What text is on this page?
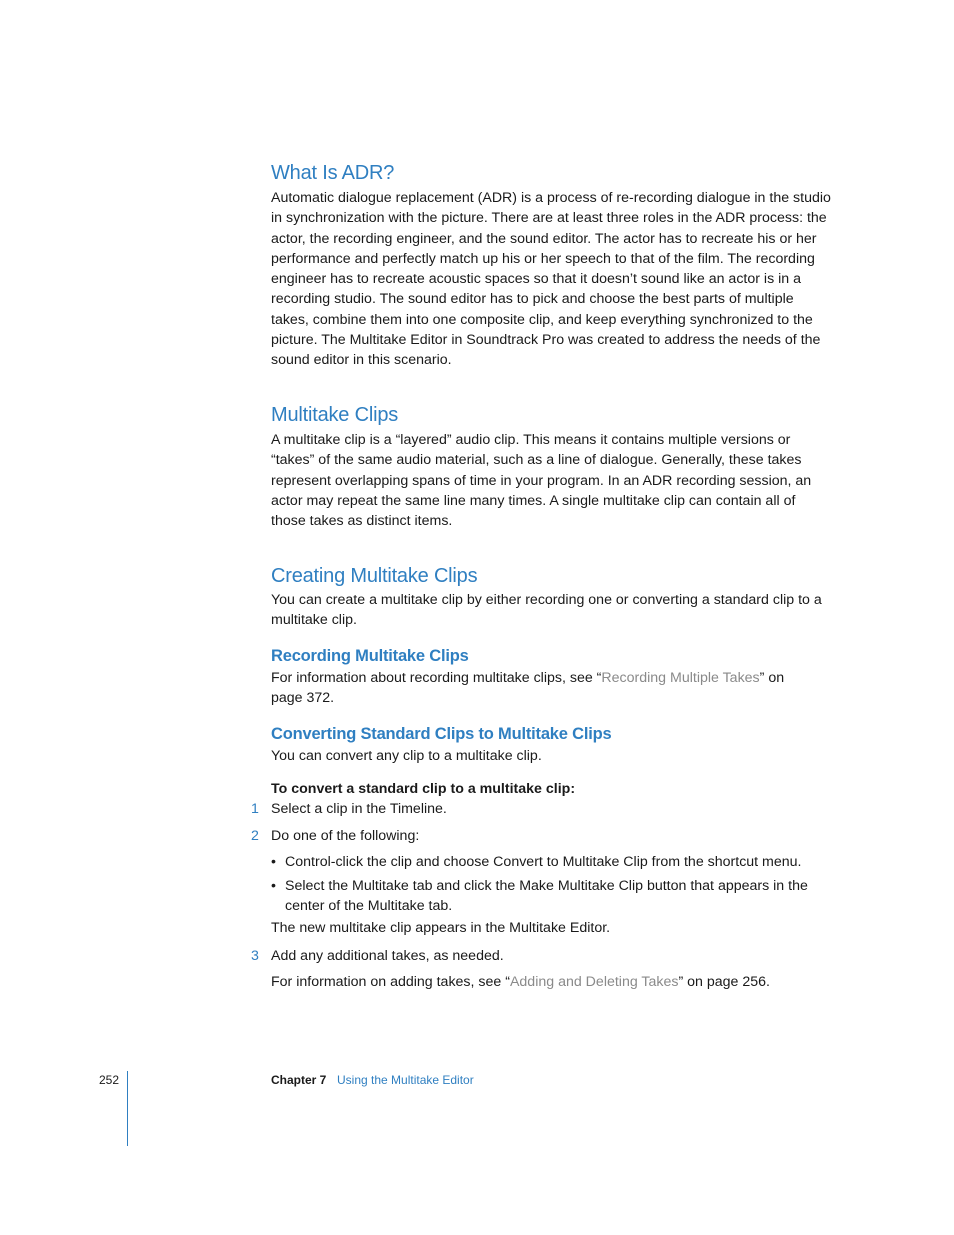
What Is ADR?

Automatic dialogue replacement (ADR) is a process of re-recording dialogue in the studio in synchronization with the picture. There are at least three roles in the ADR process: the actor, the recording engineer, and the sound editor. The actor has to recreate his or her performance and perfectly match up his or her speech to that of the film. The recording engineer has to recreate acoustic spaces so that it doesn’t sound like an actor is in a recording studio. The sound editor has to pick and choose the best parts of multiple takes, combine them into one composite clip, and keep everything synchronized to the picture. The Multitake Editor in Soundtrack Pro was created to address the needs of the sound editor in this scenario.

Multitake Clips

A multitake clip is a “layered” audio clip. This means it contains multiple versions or “takes” of the same audio material, such as a line of dialogue. Generally, these takes represent overlapping spans of time in your program. In an ADR recording session, an actor may repeat the same line many times. A single multitake clip can contain all of those takes as distinct items.

Creating Multitake Clips

You can create a multitake clip by either recording one or converting a standard clip to a multitake clip.

Recording Multitake Clips

For information about recording multitake clips, see “Recording Multiple Takes” on page 372.

Converting Standard Clips to Multitake Clips

You can convert any clip to a multitake clip.

To convert a standard clip to a multitake clip:

1 Select a clip in the Timeline.

2 Do one of the following:

• Control-click the clip and choose Convert to Multitake Clip from the shortcut menu.

• Select the Multitake tab and click the Make Multitake Clip button that appears in the center of the Multitake tab.

The new multitake clip appears in the Multitake Editor.

3 Add any additional takes, as needed.

For information on adding takes, see “Adding and Deleting Takes” on page 256.

252	Chapter 7 Using the Multitake Editor
